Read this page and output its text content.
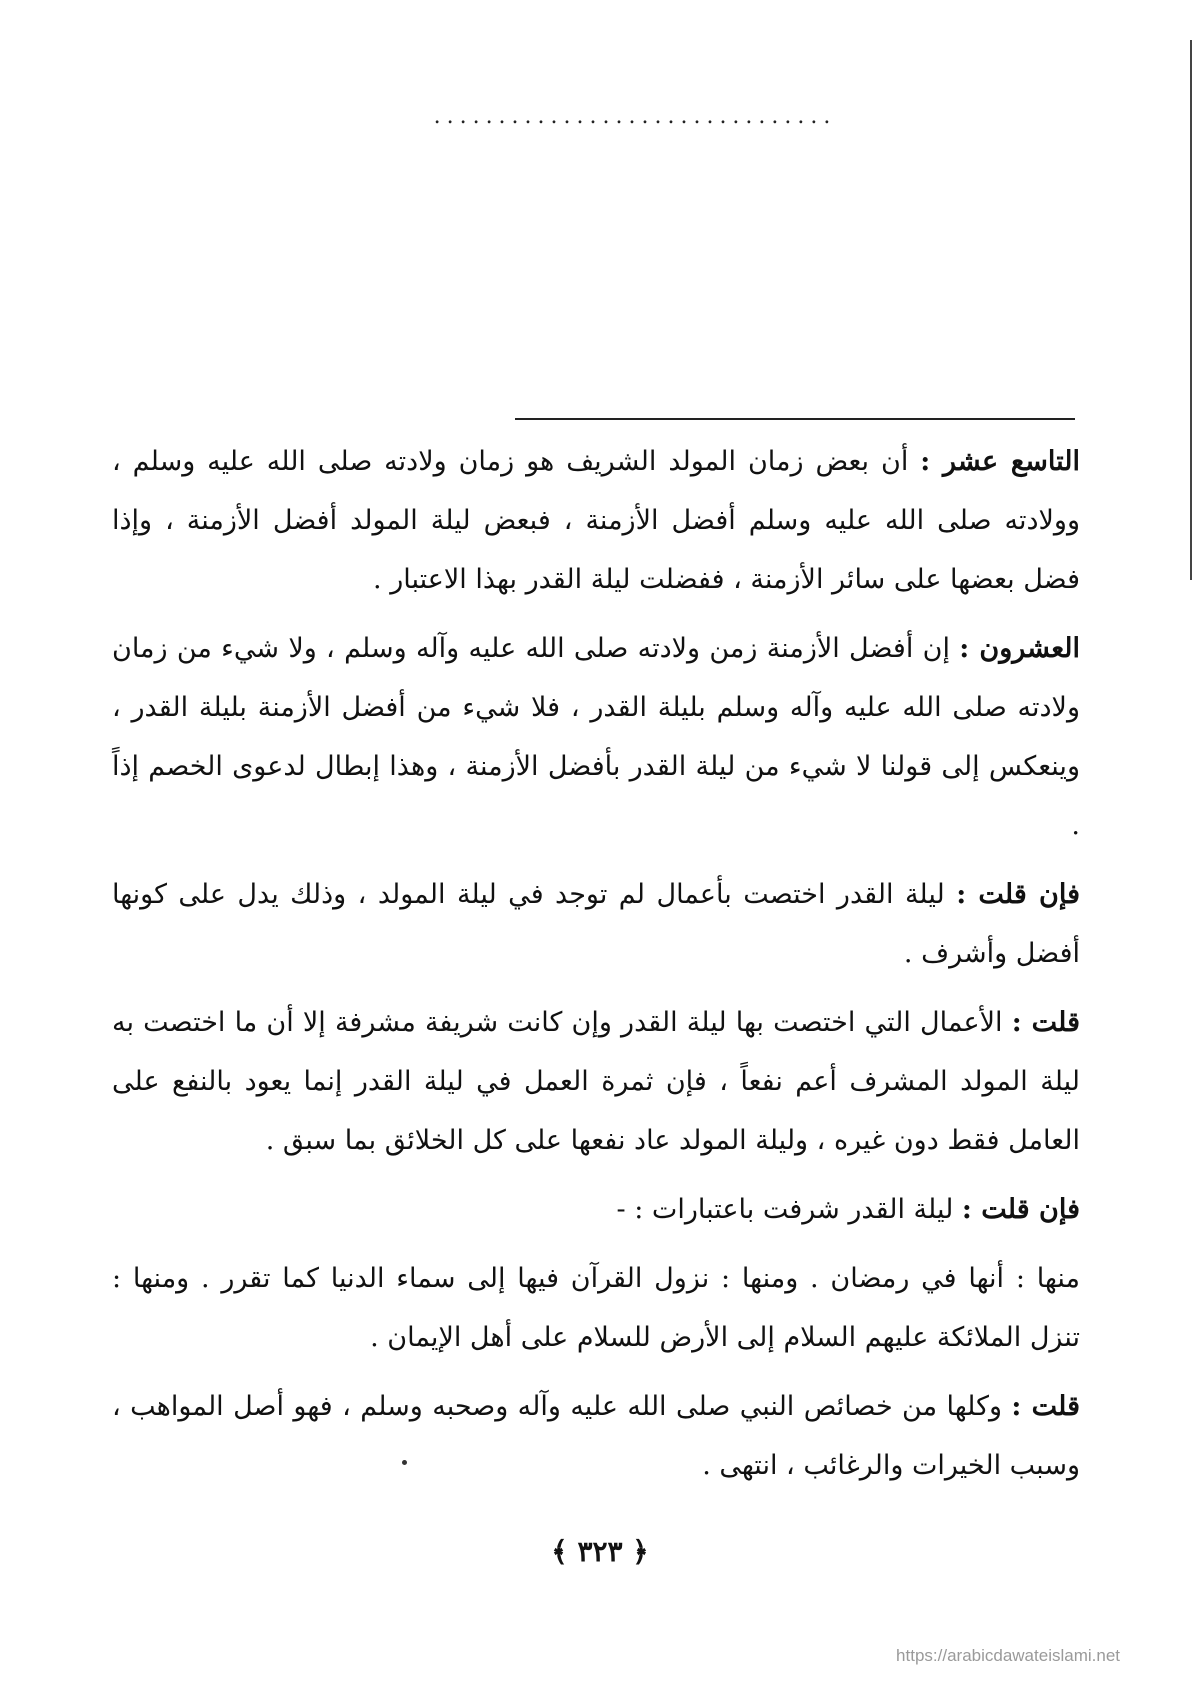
...............................

التاسع عشر : أن بعض زمان المولد الشريف هو زمان ولادته صلى الله عليه وسلم ، وولادته صلى الله عليه وسلم أفضل الأزمنة ، فبعض ليلة المولد أفضل الأزمنة ، وإذا فضل بعضها على سائر الأزمنة ، ففضلت ليلة القدر بهذا الاعتبار .

العشرون : إن أفضل الأزمنة زمن ولادته صلى الله عليه وآله وسلم ، ولا شيء من زمان ولادته صلى الله عليه وآله وسلم بليلة القدر ، فلا شيء من أفضل الأزمنة بليلة القدر ، وينعكس إلى قولنا لا شيء من ليلة القدر بأفضل الأزمنة ، وهذا إبطال لدعوى الخصم إذاً .

فإن قلت : ليلة القدر اختصت بأعمال لم توجد في ليلة المولد ، وذلك يدل على كونها أفضل وأشرف .

قلت : الأعمال التي اختصت بها ليلة القدر وإن كانت شريفة مشرفة إلا أن ما اختصت به ليلة المولد المشرف أعم نفعاً ، فإن ثمرة العمل في ليلة القدر إنما يعود بالنفع على العامل فقط دون غيره ، وليلة المولد عاد نفعها على كل الخلائق بما سبق .

فإن قلت : ليلة القدر شرفت باعتبارات : -

منها : أنها في رمضان . ومنها : نزول القرآن فيها إلى سماء الدنيا كما تقرر . ومنها : تنزل الملائكة عليهم السلام إلى الأرض للسلام على أهل الإيمان .

قلت : وكلها من خصائص النبي صلى الله عليه وآله وصحبه وسلم ، فهو أصل المواهب ، وسبب الخيرات والرغائب ، انتهى .

﴿ ٣٢٣ ﴾
https://arabicdawateislami.net
